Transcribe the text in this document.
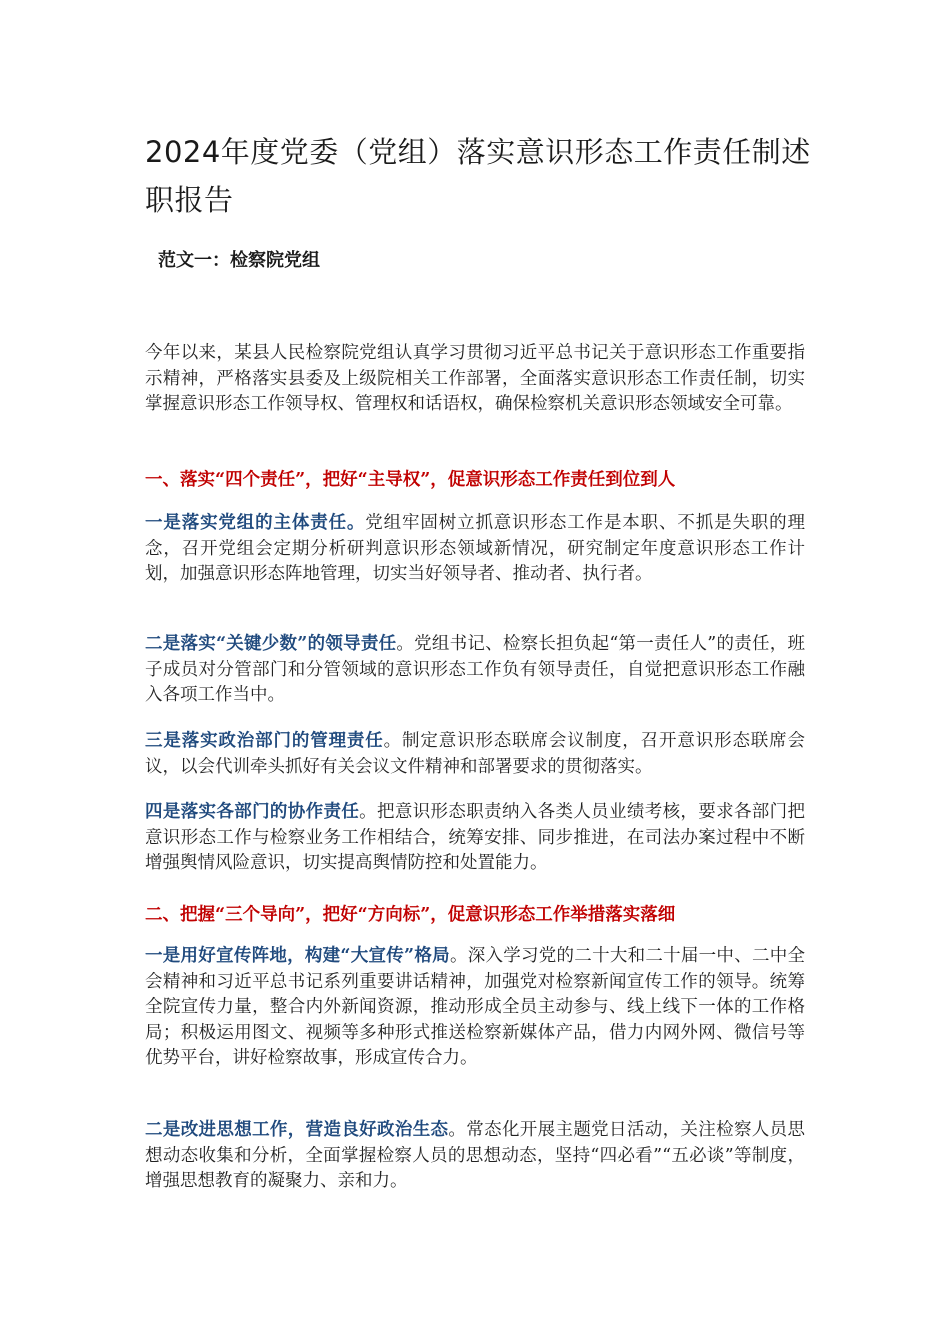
2024年度党委（党组）落实意识形态工作责任制述职报告
范文一：检察院党组

今年以来，某县人民检察院党组认真学习贯彻习近平总书记关于意识形态工作重要指示精神，严格落实县委及上级院相关工作部署，全面落实意识形态工作责任制，切实掌握意识形态工作领导权、管理权和话语权，确保检察机关意识形态领域安全可靠。

一、落实“四个责任”，把好“主导权”，促意识形态工作责任到位到人

一是落实党组的主体责任。党组牢固树立抓意识形态工作是本职、不抓是失职的理念，召开党组会定期分析研判意识形态领域新情况，研究制定年度意识形态工作计划，加强意识形态阵地管理，切实当好领导者、推动者、执行者。

二是落实“关键少数”的领导责任。党组书记、检察长担负起“第一责任人”的责任，班子成员对分管部门和分管领域的意识形态工作负有领导责任，自觉把意识形态工作融入各项工作当中。

三是落实政治部门的管理责任。制定意识形态联席会议制度，召开意识形态联席会议，以会代训牵头抓好有关会议文件精神和部署要求的贯彻落实。

四是落实各部门的协作责任。把意识形态职责纳入各类人员业绩考核，要求各部门把意识形态工作与检察业务工作相结合，统筹安排、同步推进，在司法办案过程中不断增强舆情风险意识，切实提高舆情防控和处置能力。

二、把握“三个导向”，把好“方向标”，促意识形态工作举措落实落细

一是用好宣传阵地，构建“大宣传”格局。深入学习党的二十大和二十届一中、二中全会精神和习近平总书记系列重要讲话精神，加强党对检察新闻宣传工作的领导。统筹全院宣传力量，整合内外新闻资源，推动形成全员主动参与、线上线下一体的工作格局；积极运用图文、视频等多种形式推送检察新媒体产品，借力内网外网、微信号等优势平台，讲好检察故事，形成宣传合力。

二是改进思想工作，营造良好政治生态。常态化开展主题党日活动，关注检察人员思想动态收集和分析，全面掌握检察人员的思想动态，坚持“四必看”“五必谈”等制度，增强思想教育的凝聚力、亲和力。
